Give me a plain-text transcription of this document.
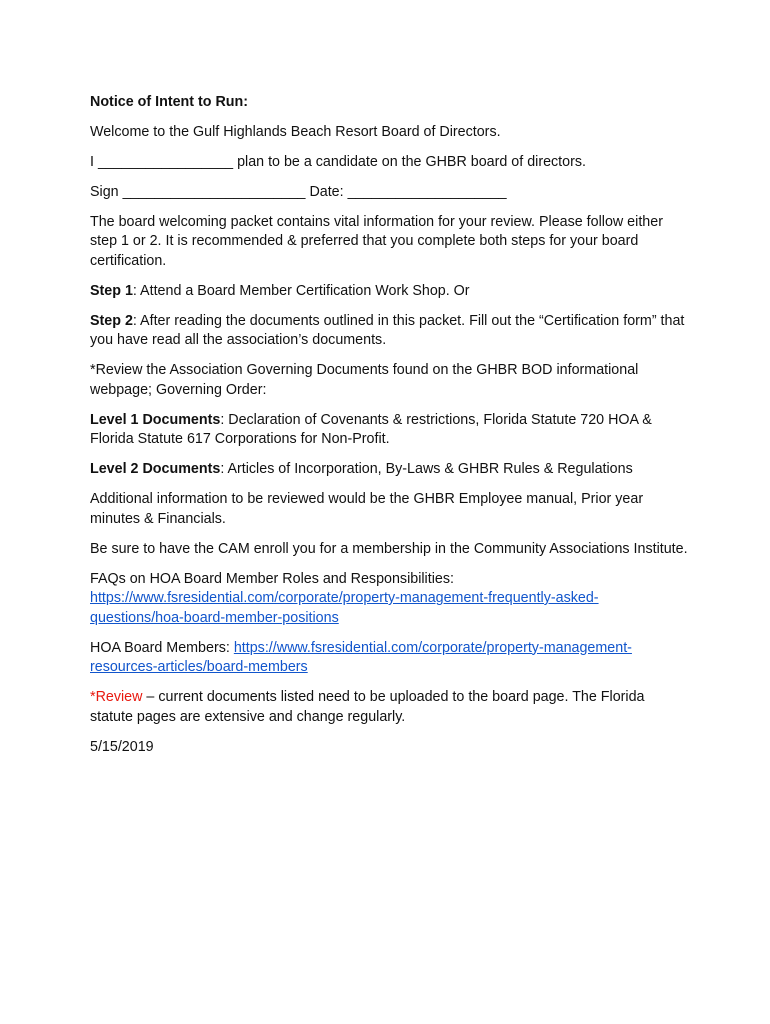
Notice of Intent to Run:

Welcome to the Gulf Highlands Beach Resort Board of Directors.

I _________________ plan to be a candidate on the GHBR board of directors.

Sign _______________________ Date: ____________________

The board welcoming packet contains vital information for your review. Please follow either step 1 or 2. It is recommended & preferred that you complete both steps for your board certification.

Step 1: Attend a Board Member Certification Work Shop. Or

Step 2: After reading the documents outlined in this packet. Fill out the “Certification form” that you have read all the association’s documents.

*Review the Association Governing Documents found on the GHBR BOD informational webpage; Governing Order:

Level 1 Documents: Declaration of Covenants & restrictions, Florida Statute 720 HOA & Florida Statute 617 Corporations for Non-Profit.

Level 2 Documents: Articles of Incorporation, By-Laws & GHBR Rules & Regulations

Additional information to be reviewed would be the GHBR Employee manual, Prior year minutes & Financials.

Be sure to have the CAM enroll you for a membership in the Community Associations Institute.

FAQs on HOA Board Member Roles and Responsibilities:
https://www.fsresidential.com/corporate/property-management-frequently-asked-questions/hoa-board-member-positions

HOA Board Members: https://www.fsresidential.com/corporate/property-management-resources-articles/board-members

*Review – current documents listed need to be uploaded to the board page. The Florida statute pages are extensive and change regularly.

5/15/2019
